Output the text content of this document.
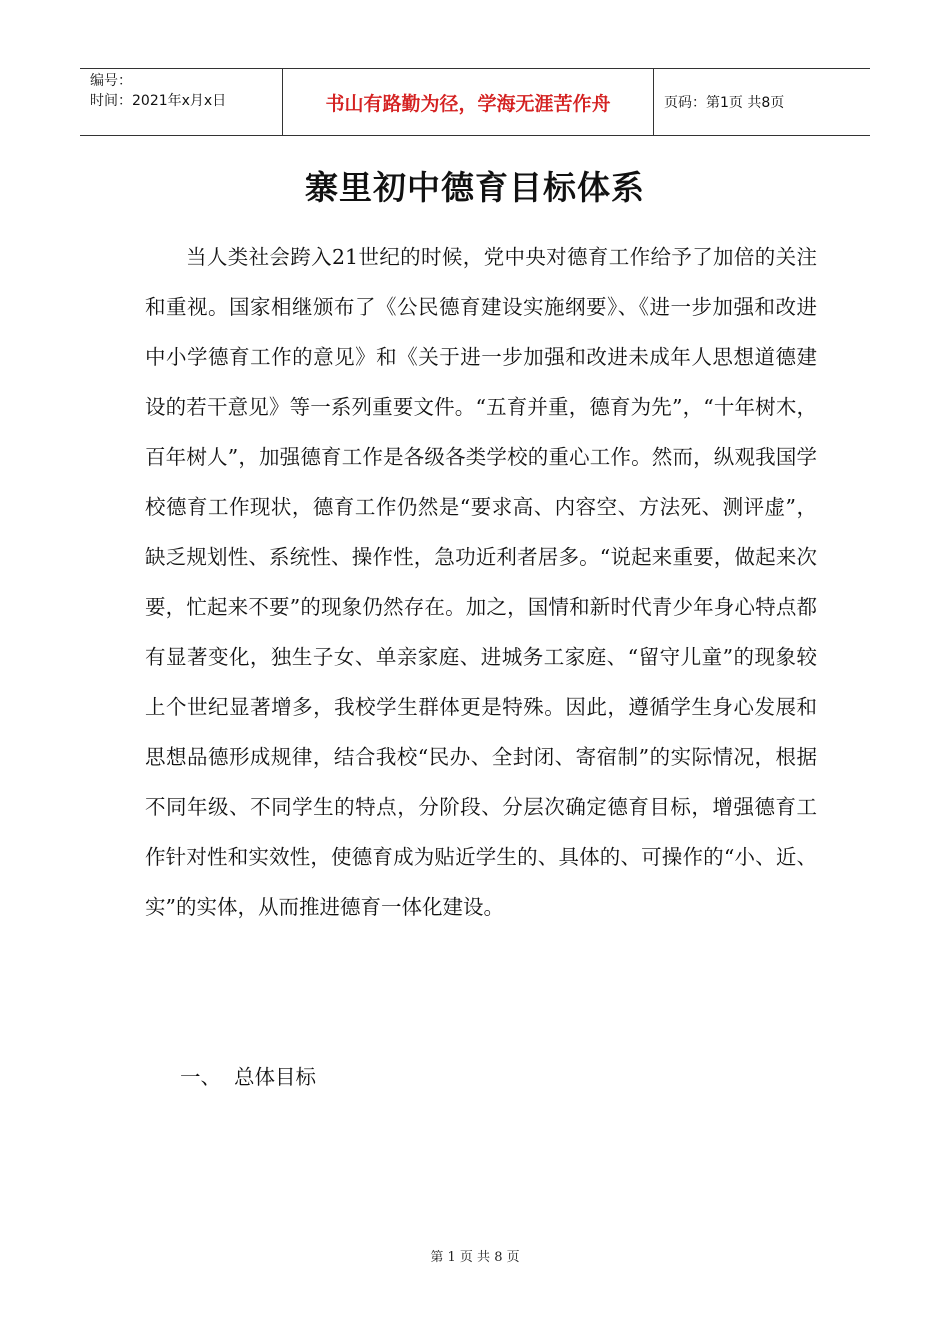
编号：
时间：2021年x月x日	书山有路勤为径，学海无涯苦作舟	页码：第1页 共8页
寨里初中德育目标体系

当人类社会跨入21世纪的时候，党中央对德育工作给予了加倍的关注和重视。国家相继颁布了《公民德育建设实施纲要》、《进一步加强和改进中小学德育工作的意见》和《关于进一步加强和改进未成年人思想道德建设的若干意见》等一系列重要文件。“五育并重，德育为先”，“十年树木，百年树人”，加强德育工作是各级各类学校的重心工作。然而，纵观我国学校德育工作现状，德育工作仍然是“要求高、内容空、方法死、测评虚”，缺乏规划性、系统性、操作性，急功近利者居多。“说起来重要，做起来次要，忙起来不要”的现象仍然存在。加之，国情和新时代青少年身心特点都有显著变化，独生子女、单亲家庭、进城务工家庭、“留守儿童”的现象较上个世纪显著增多，我校学生群体更是特殊。因此，遵循学生身心发展和思想品德形成规律，结合我校“民办、全封闭、寄宿制”的实际情况，根据不同年级、不同学生的特点，分阶段、分层次确定德育目标，增强德育工作针对性和实效性，使德育成为贴近学生的、具体的、可操作的“小、近、实”的实体，从而推进德育一体化建设。

一、 总体目标
第 1 页 共 8 页
